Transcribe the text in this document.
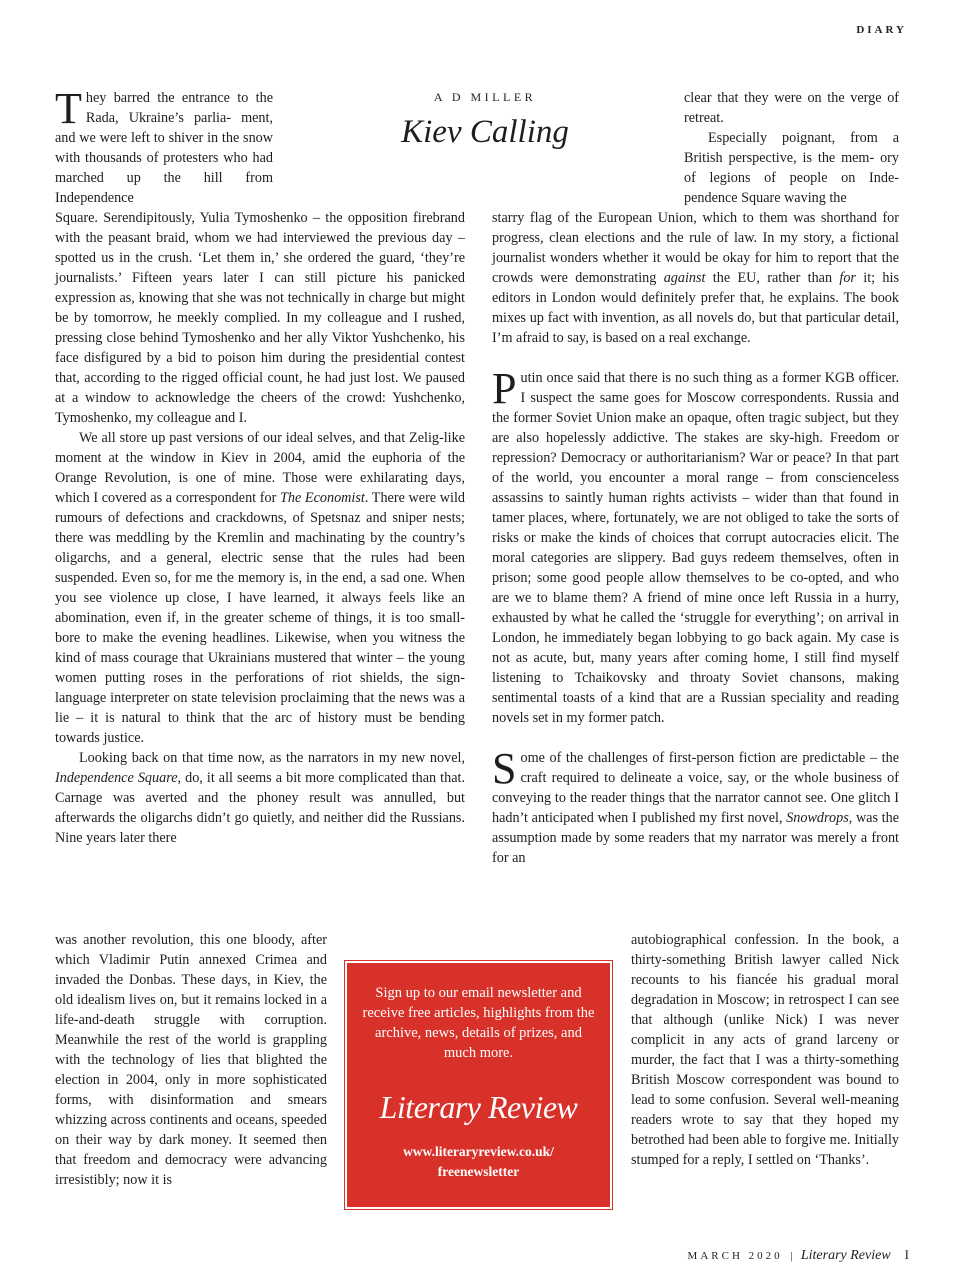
DIARY
A D MILLER
Kiev Calling
T hey barred the entrance to the Rada, Ukraine’s parlia- ment, and we were left to shiver in the snow with thousands of protesters who had marched up the hill from Independence

clear that they were on the verge of retreat.

Especially poignant, from a British perspective, is the mem- ory of legions of people on Inde- pendence Square waving the

Square. Serendipitously, Yulia Tymoshenko – the opposition firebrand with the peasant braid, whom we had interviewed the previous day – spotted us in the crush. ‘Let them in,’ she ordered the guard, ‘they’re journalists.’ Fifteen years later I can still picture his panicked expression as, knowing that she was not technically in charge but might be by tomorrow, he meekly complied. In my colleague and I rushed, pressing close behind Tymoshenko and her ally Viktor Yushchenko, his face disfigured by a bid to poison him during the presidential contest that, according to the rigged official count, he had just lost. We paused at a window to acknowledge the cheers of the crowd: Yushchenko, Tymoshenko, my colleague and I.

We all store up past versions of our ideal selves, and that Zelig-like moment at the window in Kiev in 2004, amid the euphoria of the Orange Revolution, is one of mine. Those were exhilarating days, which I covered as a correspondent for The Economist. There were wild rumours of defections and crackdowns, of Spetsnaz and sniper nests; there was meddling by the Kremlin and machinating by the country’s oligarchs, and a general, electric sense that the rules had been suspended. Even so, for me the memory is, in the end, a sad one. When you see violence up close, I have learned, it always feels like an abomination, even if, in the greater scheme of things, it is too small-bore to make the evening headlines. Likewise, when you witness the kind of mass courage that Ukrainians mustered that winter – the young women putting roses in the perforations of riot shields, the sign-language interpreter on state television proclaiming that the news was a lie – it is natural to think that the arc of history must be bending towards justice.

Looking back on that time now, as the narrators in my new novel, Independence Square, do, it all seems a bit more complicated than that. Carnage was averted and the phoney result was annulled, but afterwards the oligarchs didn’t go quietly, and neither did the Russians. Nine years later there

was another revolution, this one bloody, after which Vladimir Putin annexed Crimea and invaded the Donbas. These days, in Kiev, the old idealism lives on, but it remains locked in a life-and-death struggle with corruption. Meanwhile the rest of the world is grappling with the technology of lies that blighted the election in 2004, only in more sophisticated forms, with disinformation and smears whizzing across continents and oceans, speeded on their way by dark money. It seemed then that freedom and democracy were advancing irresistibly; now it is

starry flag of the European Union, which to them was shorthand for progress, clean elections and the rule of law. In my story, a fictional journalist wonders whether it would be okay for him to report that the crowds were demonstrating against the EU, rather than for it; his editors in London would definitely prefer that, he explains. The book mixes up fact with invention, as all novels do, but that particular detail, I’m afraid to say, is based on a real exchange.

Putin once said that there is no such thing as a former KGB officer. I suspect the same goes for Moscow correspondents. Russia and the former Soviet Union make an opaque, often tragic subject, but they are also hopelessly addictive. The stakes are sky-high. Freedom or repression? Democracy or authoritarianism? War or peace? In that part of the world, you encounter a moral range – from conscienceless assassins to saintly human rights activists – wider than that found in tamer places, where, fortunately, we are not obliged to take the sorts of risks or make the kinds of choices that corrupt autocracies elicit. The moral categories are slippery. Bad guys redeem themselves, often in prison; some good people allow themselves to be co-opted, and who are we to blame them? A friend of mine once left Russia in a hurry, exhausted by what he called the ‘struggle for everything’; on arrival in London, he immediately began lobbying to go back again. My case is not as acute, but, many years after coming home, I still find myself listening to Tchaikovsky and throaty Soviet chansons, making sentimental toasts of a kind that are a Russian speciality and reading novels set in my former patch.

Some of the challenges of first-person fiction are predictable – the craft required to delineate a voice, say, or the whole business of conveying to the reader things that the narrator cannot see. One glitch I hadn’t anticipated when I published my first novel, Snowdrops, was the assumption made by some readers that my narrator was merely a front for an

autobiographical confession. In the book, a thirty-something British lawyer called Nick recounts to his fiancée his gradual moral degradation in Moscow; in retrospect I can see that although (unlike Nick) I was never complicit in any acts of grand larceny or murder, the fact that I was a thirty-something British Moscow correspondent was bound to lead to some confusion. Several well-meaning readers wrote to say that they hoped my betrothed had been able to forgive me. Initially stumped for a reply, I settled on ‘Thanks’.

Sign up to our email newsletter and receive free articles, highlights from the archive, news, details of prizes, and much more.
Literary Review
www.literaryreview.co.uk/
freenewsletter
MARCH 2020 | Literary Review I
